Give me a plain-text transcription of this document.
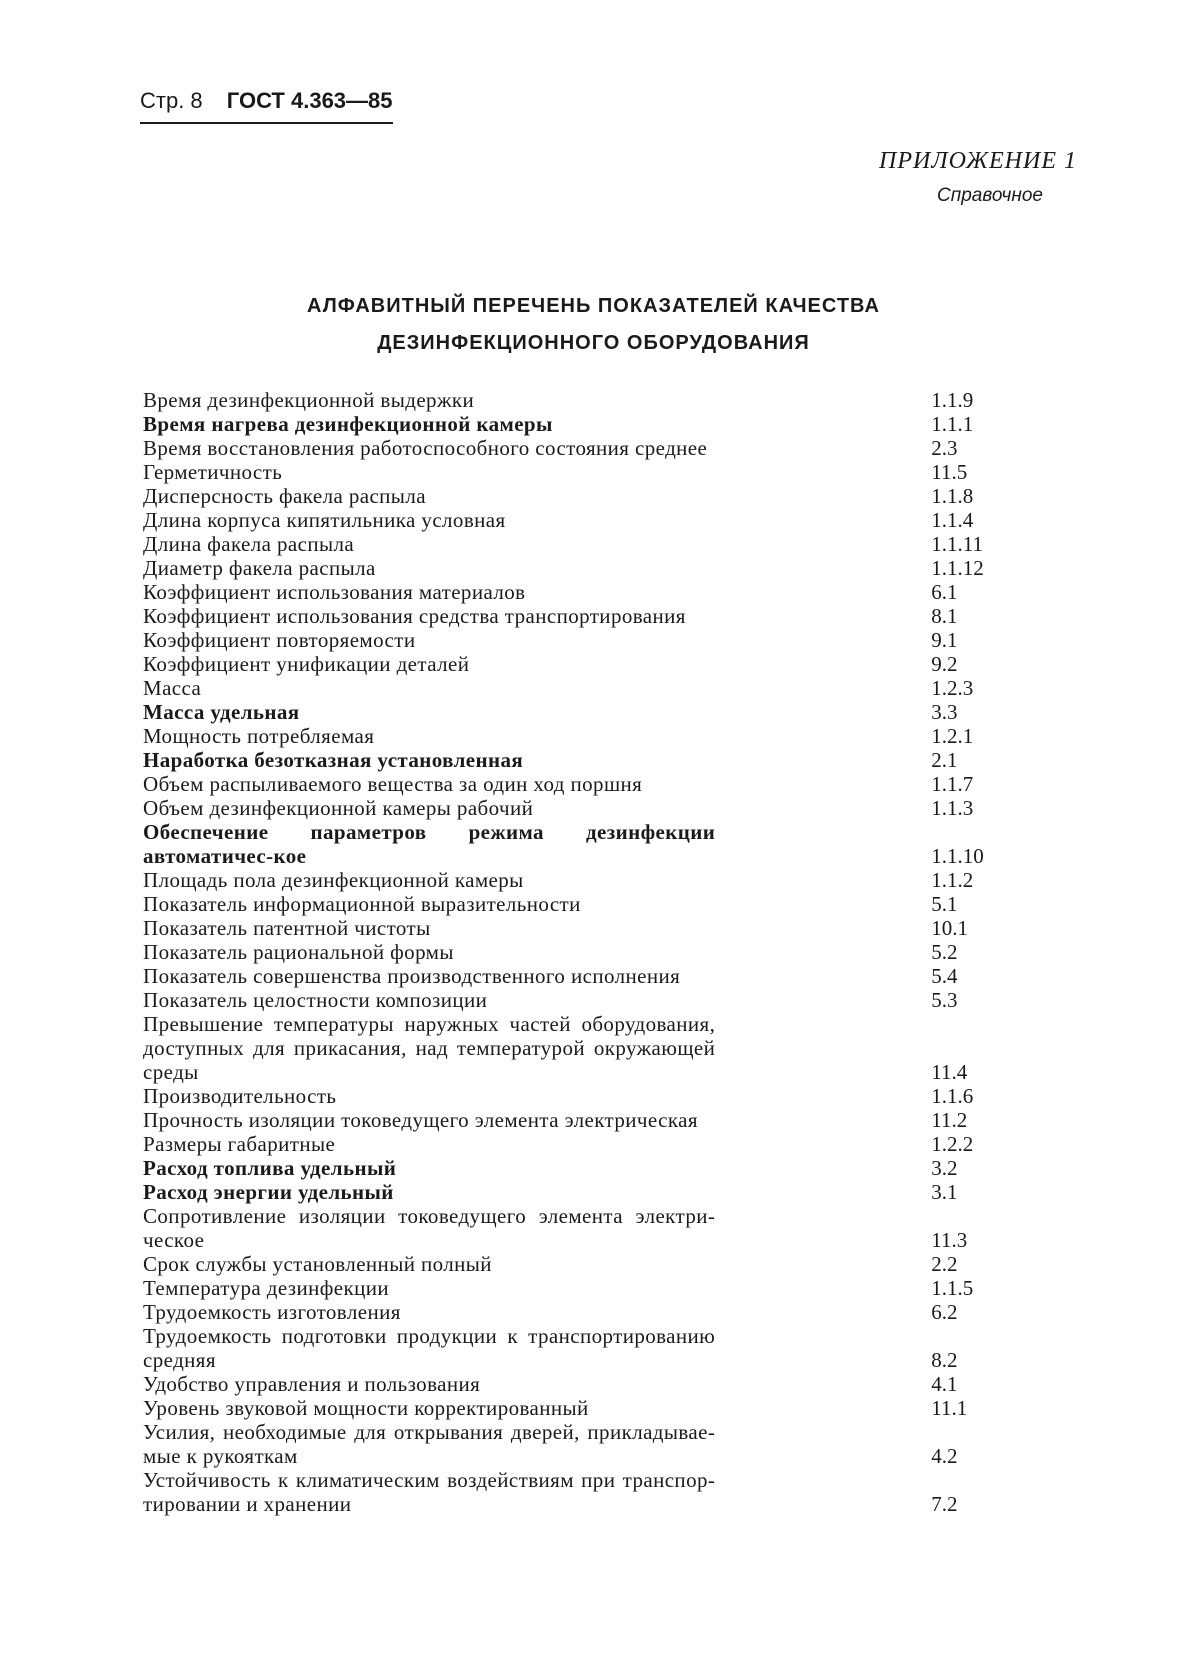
Стр. 8 ГОСТ 4.363—85
ПРИЛОЖЕНИЕ 1
Справочное
АЛФАВИТНЫЙ ПЕРЕЧЕНЬ ПОКАЗАТЕЛЕЙ КАЧЕСТВА
ДЕЗИНФЕКЦИОННОГО ОБОРУДОВАНИЯ
Время дезинфекционной выдержки	1.1.9
Время нагрева дезинфекционной камеры	1.1.1
Время восстановления работоспособного состояния среднее	2.3
Герметичность	11.5
Дисперсность факела распыла	1.1.8
Длина корпуса кипятильника условная	1.1.4
Длина факела распыла	1.1.11
Диаметр факела распыла	1.1.12
Коэффициент использования материалов	6.1
Коэффициент использования средства транспортирования	8.1
Коэффициент повторяемости	9.1
Коэффициент унификации деталей	9.2
Масса	1.2.3
Масса удельная	3.3
Мощность потребляемая	1.2.1
Наработка безотказная установленная	2.1
Объем распыливаемого вещества за один ход поршня	1.1.7
Объем дезинфекционной камеры рабочий	1.1.3
Обеспечение параметров режима дезинфекции автоматичес-кое	1.1.10
Площадь пола дезинфекционной камеры	1.1.2
Показатель информационной выразительности	5.1
Показатель патентной чистоты	10.1
Показатель рациональной формы	5.2
Показатель совершенства производственного исполнения	5.4
Показатель целостности композиции	5.3
Превышение температуры наружных частей оборудования, доступных для прикасания, над температурой окружающей среды	11.4
Производительность	1.1.6
Прочность изоляции токоведущего элемента электрическая	11.2
Размеры габаритные	1.2.2
Расход топлива удельный	3.2
Расход энергии удельный	3.1
Сопротивление изоляции токоведущего элемента электри-ческое	11.3
Срок службы установленный полный	2.2
Температура дезинфекции	1.1.5
Трудоемкость изготовления	6.2
Трудоемкость подготовки продукции к транспортированию средняя	8.2
Удобство управления и пользования	4.1
Уровень звуковой мощности корректированный	11.1
Усилия, необходимые для открывания дверей, прикладывае-мые к рукояткам	4.2
Устойчивость к климатическим воздействиям при транспор-тировании и хранении	7.2
